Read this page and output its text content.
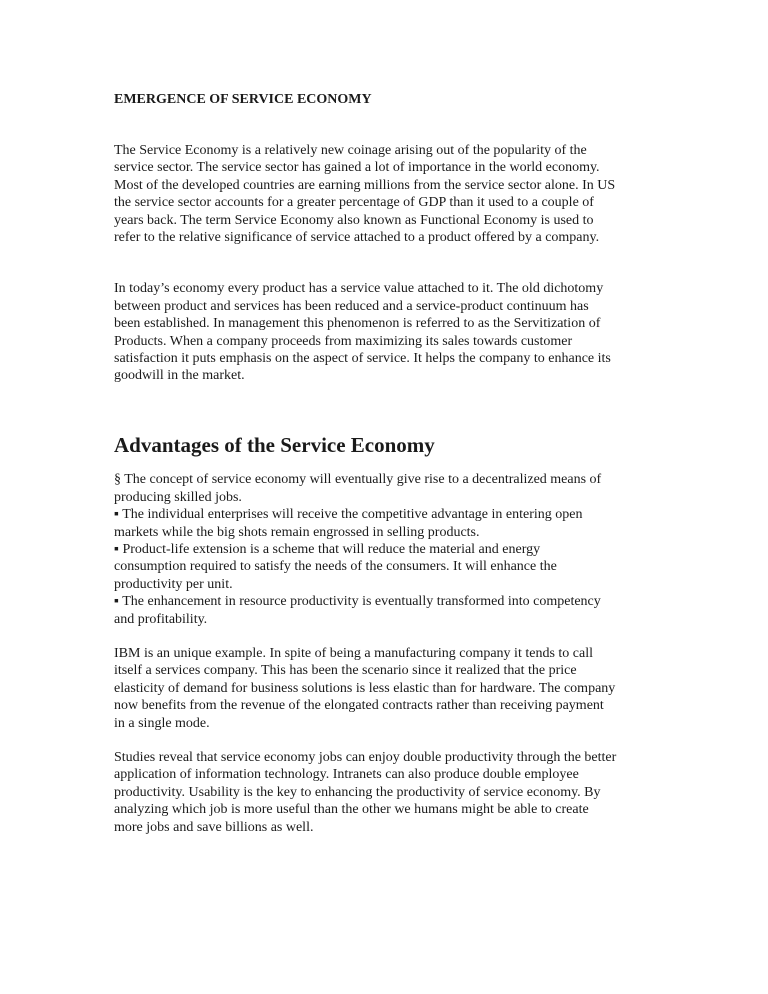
EMERGENCE OF SERVICE ECONOMY

The Service Economy is a relatively new coinage arising out of the popularity of the
service sector. The service sector has gained a lot of importance in the world economy.
Most of the developed countries are earning millions from the service sector alone. In US
the service sector accounts for a greater percentage of GDP than it used to a couple of
years back. The term Service Economy also known as Functional Economy is used to
refer to the relative significance of service attached to a product offered by a company.

In today’s economy every product has a service value attached to it. The old dichotomy
between product and services has been reduced and a service-product continuum has
been established. In management this phenomenon is referred to as the Servitization of
Products. When a company proceeds from maximizing its sales towards customer
satisfaction it puts emphasis on the aspect of service. It helps the company to enhance its
goodwill in the market.

Advantages of the Service Economy

§ The concept of service economy will eventually give rise to a decentralized means of
producing skilled jobs.

▪ The individual enterprises will receive the competitive advantage in entering open
markets while the big shots remain engrossed in selling products.

▪ Product-life extension is a scheme that will reduce the material and energy
consumption required to satisfy the needs of the consumers. It will enhance the
productivity per unit.

▪ The enhancement in resource productivity is eventually transformed into competency
and profitability.

IBM is an unique example. In spite of being a manufacturing company it tends to call
itself a services company. This has been the scenario since it realized that the price
elasticity of demand for business solutions is less elastic than for hardware. The company
now benefits from the revenue of the elongated contracts rather than receiving payment
in a single mode.

Studies reveal that service economy jobs can enjoy double productivity through the better
application of information technology. Intranets can also produce double employee
productivity. Usability is the key to enhancing the productivity of service economy. By
analyzing which job is more useful than the other we humans might be able to create
more jobs and save billions as well.
